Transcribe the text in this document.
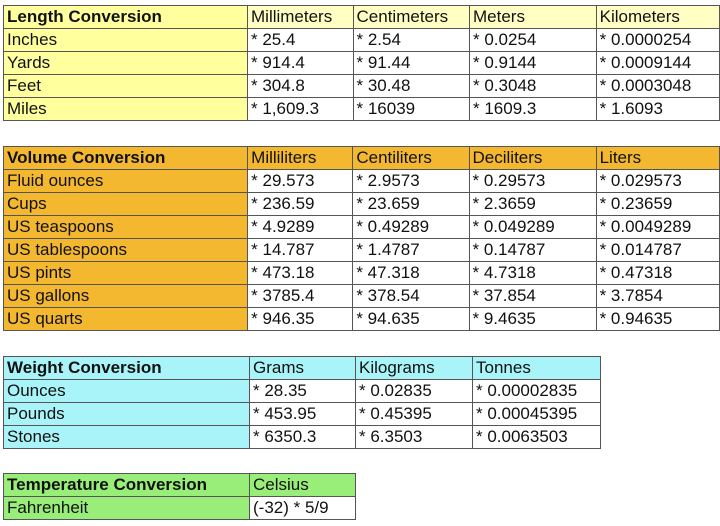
Length Conversion	Millimeters	Centimeters	Meters	Kilometers
Inches	* 25.4	* 2.54	* 0.0254	* 0.0000254
Yards	* 914.4	* 91.44	* 0.9144	* 0.0009144
Feet	* 304.8	* 30.48	* 0.3048	* 0.0003048
Miles	* 1,609.3	* 16039	* 1609.3	* 1.6093
Volume Conversion	Milliliters	Centiliters	Deciliters	Liters
Fluid ounces	* 29.573	* 2.9573	* 0.29573	* 0.029573
Cups	* 236.59	* 23.659	* 2.3659	* 0.23659
US teaspoons	* 4.9289	* 0.49289	* 0.049289	* 0.0049289
US tablespoons	* 14.787	* 1.4787	* 0.14787	* 0.014787
US pints	* 473.18	* 47.318	* 4.7318	* 0.47318
US gallons	* 3785.4	* 378.54	* 37.854	* 3.7854
US quarts	* 946.35	* 94.635	* 9.4635	* 0.94635
Weight Conversion	Grams	Kilograms	Tonnes
Ounces	* 28.35	* 0.02835	* 0.00002835
Pounds	* 453.95	* 0.45395	* 0.00045395
Stones	* 6350.3	* 6.3503	* 0.0063503
Temperature Conversion	Celsius
Fahrenheit	(-32) * 5/9
